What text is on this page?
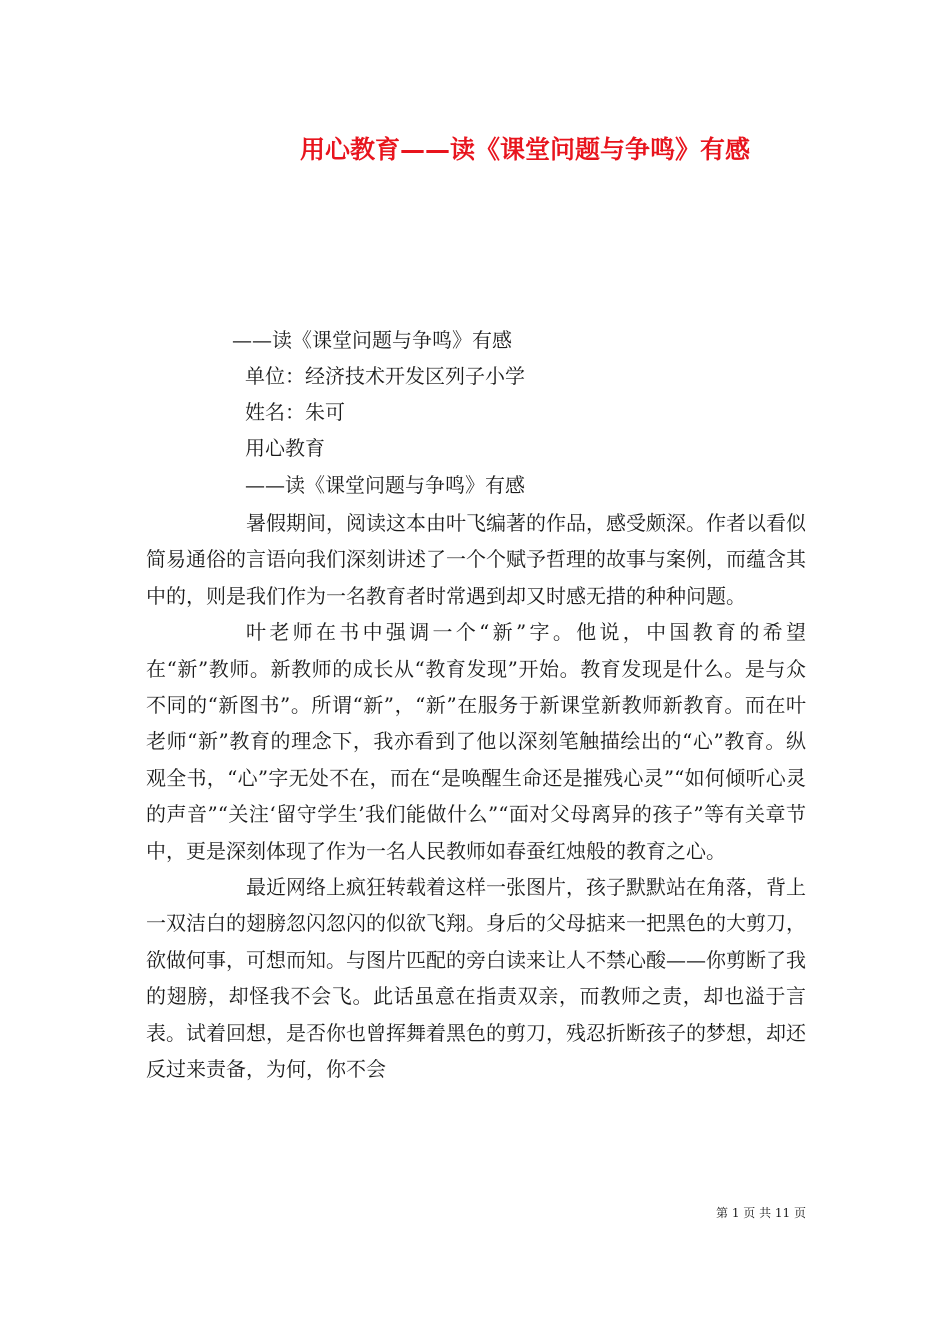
用心教育——读《课堂问题与争鸣》有感
——读《课堂问题与争鸣》有感
单位：经济技术开发区列子小学
姓名：朱可
用心教育
——读《课堂问题与争鸣》有感

暑假期间，阅读这本由叶飞编著的作品，感受颇深。作者以看似简易通俗的言语向我们深刻讲述了一个个赋予哲理的故事与案例，而蕴含其中的，则是我们作为一名教育者时常遇到却又时感无措的种种问题。

叶老师在书中强调一个“新”字。他说，中国教育的希望在“新”教师。新教师的成长从“教育发现”开始。教育发现是什么。是与众不同的“新图书”。所谓“新”，“新”在服务于新课堂新教师新教育。而在叶老师“新”教育的理念下，我亦看到了他以深刻笔触描绘出的“心”教育。纵观全书，“心”字无处不在，而在“是唤醒生命还是摧残心灵”“如何倾听心灵的声音”“关注‘留守学生’我们能做什么”“面对父母离异的孩子”等有关章节中，更是深刻体现了作为一名人民教师如春蚕红烛般的教育之心。

最近网络上疯狂转载着这样一张图片，孩子默默站在角落，背上一双洁白的翅膀忽闪忽闪的似欲飞翔。身后的父母掂来一把黑色的大剪刀，欲做何事，可想而知。与图片匹配的旁白读来让人不禁心酸——你剪断了我的翅膀，却怪我不会飞。此话虽意在指责双亲，而教师之责，却也溢于言表。试着回想，是否你也曾挥舞着黑色的剪刀，残忍折断孩子的梦想，却还反过来责备，为何，你不会

第 1 页 共 11 页
